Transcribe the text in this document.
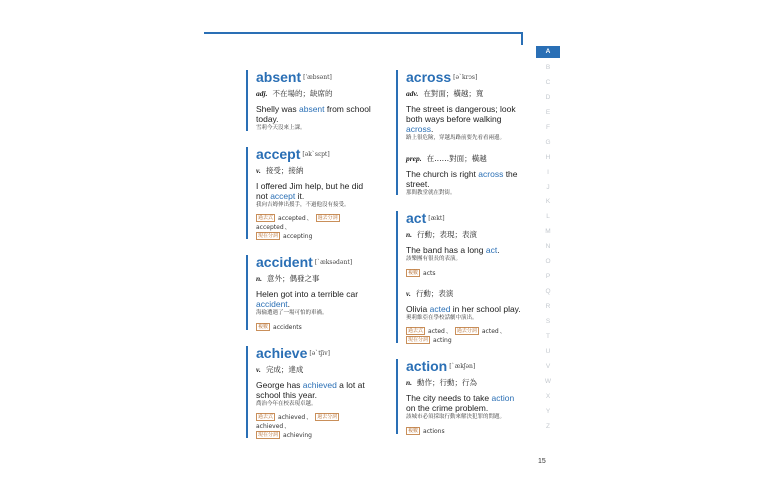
absent [ˈæbsənt]
adj. 不在場的；缺席的
Shelly was absent from school today.
雪莉今天沒來上課。
accept [əkˋsɛpt]
v. 接受；接納
I offered Jim help, but he did not accept it.
我向吉姆伸出援手，不過他沒有接受。
過去式 accepted、 過去分詞accepted、
現在分詞 accepting
accident [ˋæksədənt]
n. 意外；偶發之事
Helen got into a terrible car accident.
海倫遭遇了一場可怕的車禍。
複數 accidents
achieve [əˋtʃiv]
v. 完成；達成
George has achieved a lot at school this year.
喬治今年在校表現卓越。
過去式 achieved、 過去分詞achieved、
現在分詞 achieving
across [əˋkrɔs]
adv. 在對面；橫越；寬
The street is dangerous; look both ways before walking across.
路上很危險，穿越馬路前要先看看兩邊。
prep. 在……對面；橫越
The church is right across the street.
那間教堂就在對街。
act [ækt]
n. 行動；表現；表演
The band has a long act.
該樂團有很長的表演。
複數 acts
v. 行動；表演
Olivia acted in her school play.
奧莉維亞在學校話劇中演出。
過去式 acted、 過去分詞 acted、
現在分詞 acting
action [ˋækʃən]
n. 動作；行動；行為
The city needs to take action on the crime problem.
該城市必須採取行動來解決犯罪的問題。
複數 actions
A
B
C
D
E
F
G
H
I
J
K
L
M
N
O
P
Q
R
S
T
U
V
W
X
Y
Z
15
